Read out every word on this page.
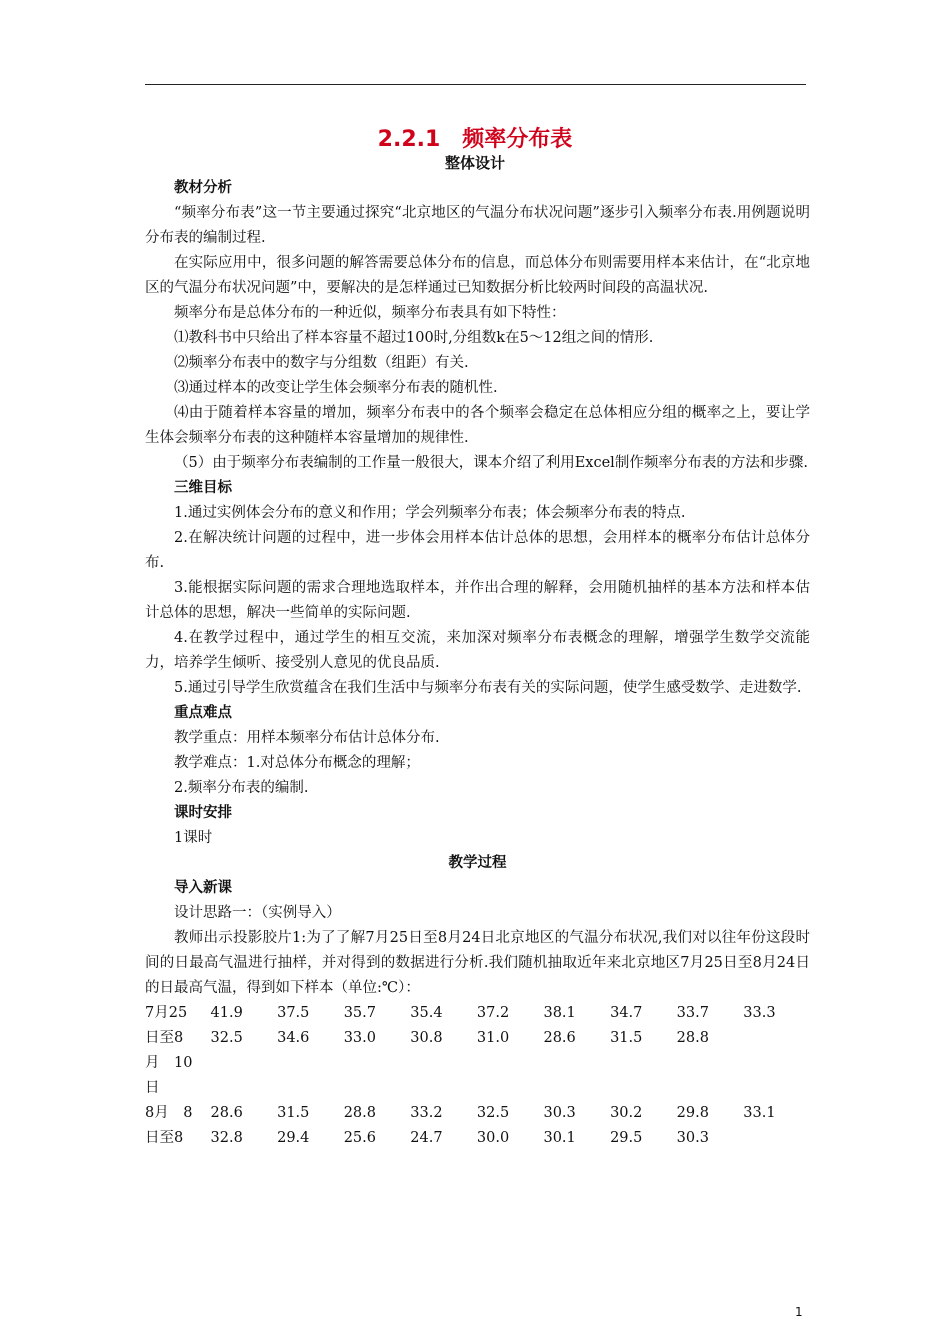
2.2.1　频率分布表
整体设计

教材分析

“频率分布表”这一节主要通过探究“北京地区的气温分布状况问题”逐步引入频率分布表.用例题说明分布表的编制过程.

在实际应用中，很多问题的解答需要总体分布的信息，而总体分布则需要用样本来估计，在“北京地区的气温分布状况问题”中，要解决的是怎样通过已知数据分析比较两时间段的高温状况.

频率分布是总体分布的一种近似，频率分布表具有如下特性：

⑴教科书中只给出了样本容量不超过100时,分组数k在5～12组之间的情形.

⑵频率分布表中的数字与分组数（组距）有关.

⑶通过样本的改变让学生体会频率分布表的随机性.

⑷由于随着样本容量的增加，频率分布表中的各个频率会稳定在总体相应分组的概率之上，要让学生体会频率分布表的这种随样本容量增加的规律性.

（5）由于频率分布表编制的工作量一般很大，课本介绍了利用Excel制作频率分布表的方法和步骤.

三维目标

1.通过实例体会分布的意义和作用；学会列频率分布表；体会频率分布表的特点.

2.在解决统计问题的过程中，进一步体会用样本估计总体的思想，会用样本的概率分布估计总体分布.

3.能根据实际问题的需求合理地选取样本，并作出合理的解释，会用随机抽样的基本方法和样本估计总体的思想，解决一些简单的实际问题.

4.在教学过程中，通过学生的相互交流，来加深对频率分布表概念的理解，增强学生数学交流能力，培养学生倾听、接受别人意见的优良品质.

5.通过引导学生欣赏蕴含在我们生活中与频率分布表有关的实际问题，使学生感受数学、走进数学.

重点难点

教学重点：用样本频率分布估计总体分布.

教学难点：1.对总体分布概念的理解；

2.频率分布表的编制.

课时安排

1课时

教学过程

导入新课

设计思路一：（实例导入）

教师出示投影胶片1:为了了解7月25日至8月24日北京地区的气温分布状况,我们对以往年份这段时间的日最高气温进行抽样，并对得到的数据进行分析.我们随机抽取近年来北京地区7月25日至8月24日的日最高气温，得到如下样本（单位:℃）：

7月25	41.9	37.5	35.7	35.4	37.2	38.1	34.7	33.7	33.3
日至8	32.5	34.6	33.0	30.8	31.0	28.6	31.5	28.8	
月　10									
日									
8月　8	28.6	31.5	28.8	33.2	32.5	30.3	30.2	29.8	33.1
日至8	32.8	29.4	25.6	24.7	30.0	30.1	29.5	30.3	
1
